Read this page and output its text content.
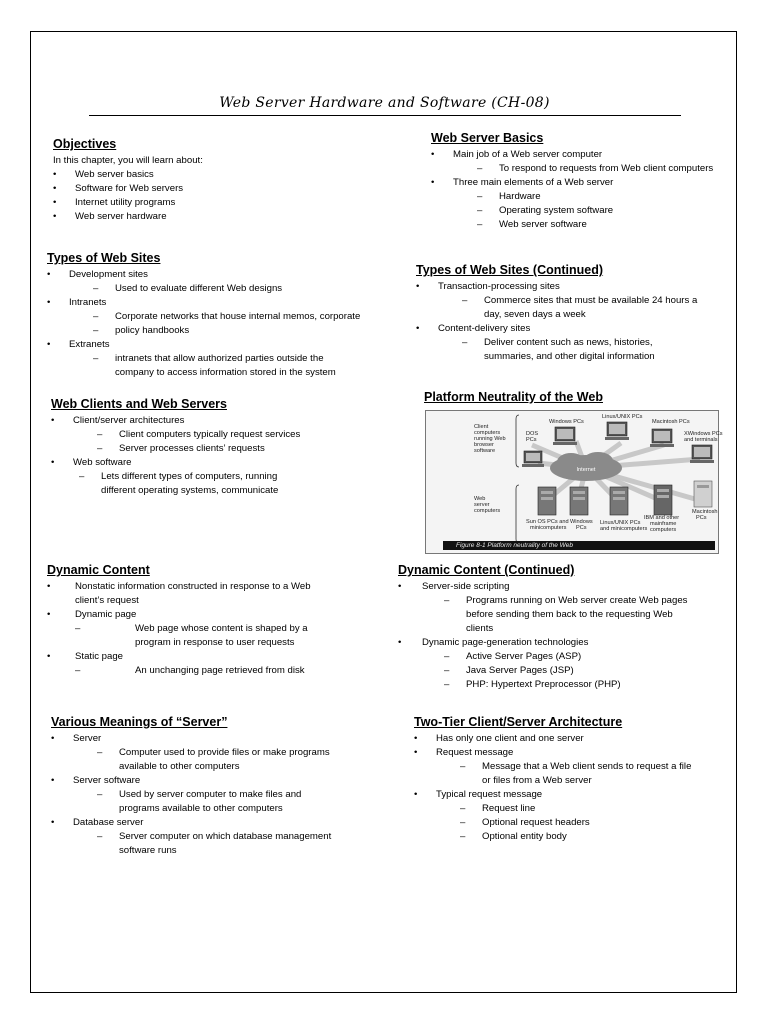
Web Server Hardware and Software (CH-08)
Objectives

In this chapter, you will learn about:

• Web server basics
• Software for Web servers
• Internet utility programs
• Web server hardware
Web Server Basics
• Main job of a Web server computer
– To respond to requests from Web client computers
• Three main elements of a Web server
– Hardware
– Operating system software
– Web server software
Types of Web Sites
• Development sites
– Used to evaluate different Web designs
• Intranets
– Corporate networks that house internal memos, corporate
– policy handbooks
• Extranets
– intranets that allow authorized parties outside the
company to access information stored in the system
Types of Web Sites (Continued)
• Transaction-processing sites
– Commerce sites that must be available 24 hours a
day, seven days a week
• Content-delivery sites
– Deliver content such as news, histories,
summaries, and other digital information
Web Clients and Web Servers
• Client/server architectures
– Client computers typically request services
– Server processes clients’ requests
• Web software
– Lets different types of computers, running
different operating systems, communicate
Platform Neutrality of the Web
Internet
Client
computers
running Web
browser
software
Web
server
computers
DOS
PCs
Windows PCs
Linux/UNIX PCs
Macintosh PCs
XWindows PCs
and terminals
Sun OS PCs and
minicomputers
Windows
PCs
Linux/UNIX PCs
and minicomputers
IBM and other
mainframe
computers
Macintosh
PCs
Figure 8-1 Platform neutrality of the Web
Dynamic Content
• Nonstatic information constructed in response to a Web
client’s request
• Dynamic page
– Web page whose content is shaped by a
program in response to user requests
• Static page
– An unchanging page retrieved from disk
Dynamic Content (Continued)
• Server-side scripting
– Programs running on Web server create Web pages
before sending them back to the requesting Web
clients
• Dynamic page-generation technologies
– Active Server Pages (ASP)
– Java Server Pages (JSP)
– PHP: Hypertext Preprocessor (PHP)
Various Meanings of “Server”
• Server
– Computer used to provide files or make programs
available to other computers
• Server software
– Used by server computer to make files and
programs available to other computers
• Database server
– Server computer on which database management
software runs
Two-Tier Client/Server Architecture
• Has only one client and one server
• Request message
– Message that a Web client sends to request a file
or files from a Web server
• Typical request message
– Request line
– Optional request headers
– Optional entity body
